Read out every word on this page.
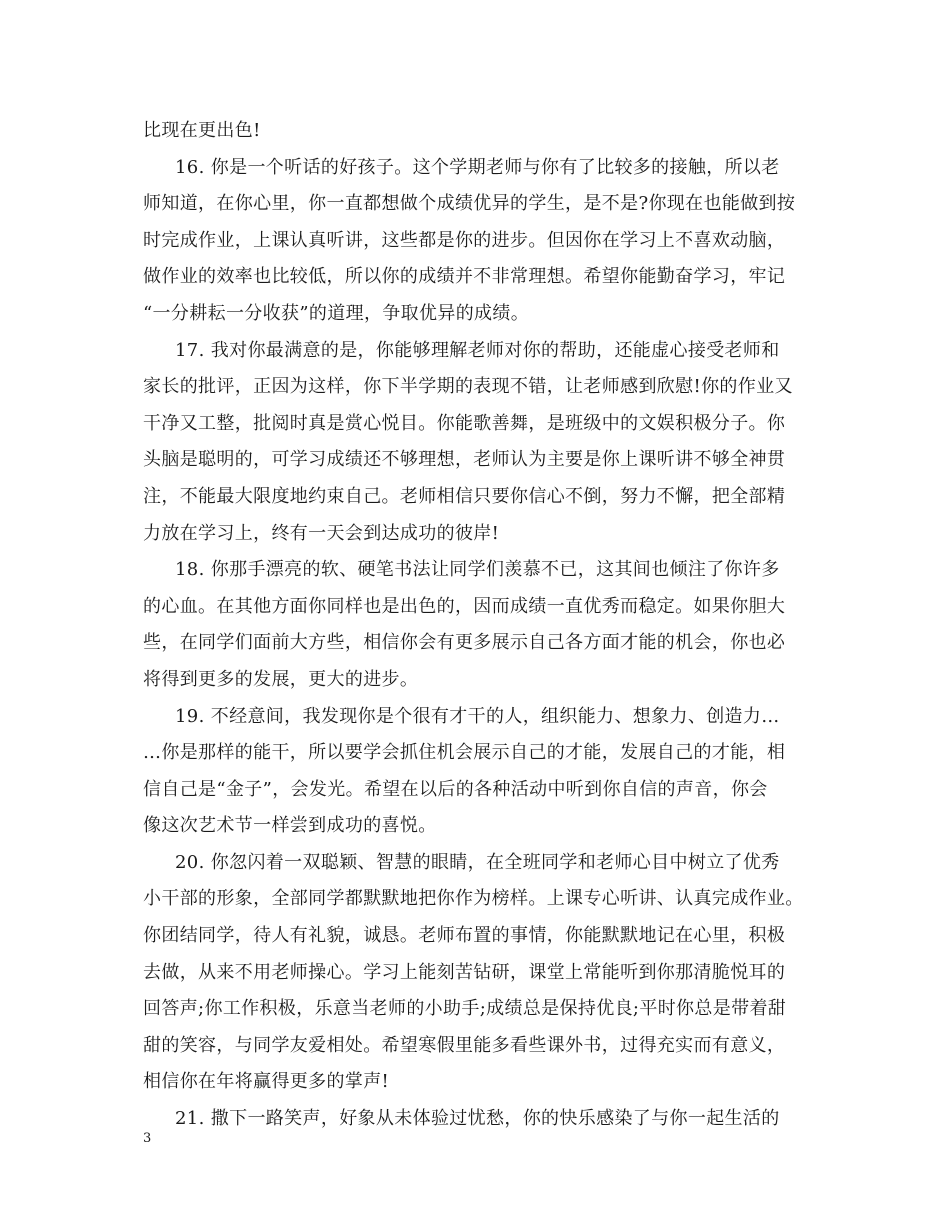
比现在更出色!
16. 你是一个听话的好孩子。这个学期老师与你有了比较多的接触，所以老
师知道，在你心里，你一直都想做个成绩优异的学生，是不是?你现在也能做到按
时完成作业，上课认真听讲，这些都是你的进步。但因你在学习上不喜欢动脑，
做作业的效率也比较低，所以你的成绩并不非常理想。希望你能勤奋学习，牢记
“一分耕耘一分收获”的道理，争取优异的成绩。
17. 我对你最满意的是，你能够理解老师对你的帮助，还能虚心接受老师和
家长的批评，正因为这样，你下半学期的表现不错，让老师感到欣慰!你的作业又
干净又工整，批阅时真是赏心悦目。你能歌善舞，是班级中的文娱积极分子。你
头脑是聪明的，可学习成绩还不够理想，老师认为主要是你上课听讲不够全神贯
注，不能最大限度地约束自己。老师相信只要你信心不倒，努力不懈，把全部精
力放在学习上，终有一天会到达成功的彼岸!
18. 你那手漂亮的软、硬笔书法让同学们羡慕不已，这其间也倾注了你许多
的心血。在其他方面你同样也是出色的，因而成绩一直优秀而稳定。如果你胆大
些，在同学们面前大方些，相信你会有更多展示自己各方面才能的机会，你也必
将得到更多的发展，更大的进步。
19. 不经意间，我发现你是个很有才干的人，组织能力、想象力、创造力…
…你是那样的能干，所以要学会抓住机会展示自己的才能，发展自己的才能，相
信自己是“金子”，会发光。希望在以后的各种活动中听到你自信的声音，你会
像这次艺术节一样尝到成功的喜悦。
20. 你忽闪着一双聪颖、智慧的眼睛，在全班同学和老师心目中树立了优秀
小干部的形象，全部同学都默默地把你作为榜样。上课专心听讲、认真完成作业。
你团结同学，待人有礼貌，诚恳。老师布置的事情，你能默默地记在心里，积极
去做，从来不用老师操心。学习上能刻苦钻研，课堂上常能听到你那清脆悦耳的
回答声;你工作积极，乐意当老师的小助手;成绩总是保持优良;平时你总是带着甜
甜的笑容，与同学友爱相处。希望寒假里能多看些课外书，过得充实而有意义，
相信你在年将赢得更多的掌声!
21. 撒下一路笑声，好象从未体验过忧愁，你的快乐感染了与你一起生活的
3
